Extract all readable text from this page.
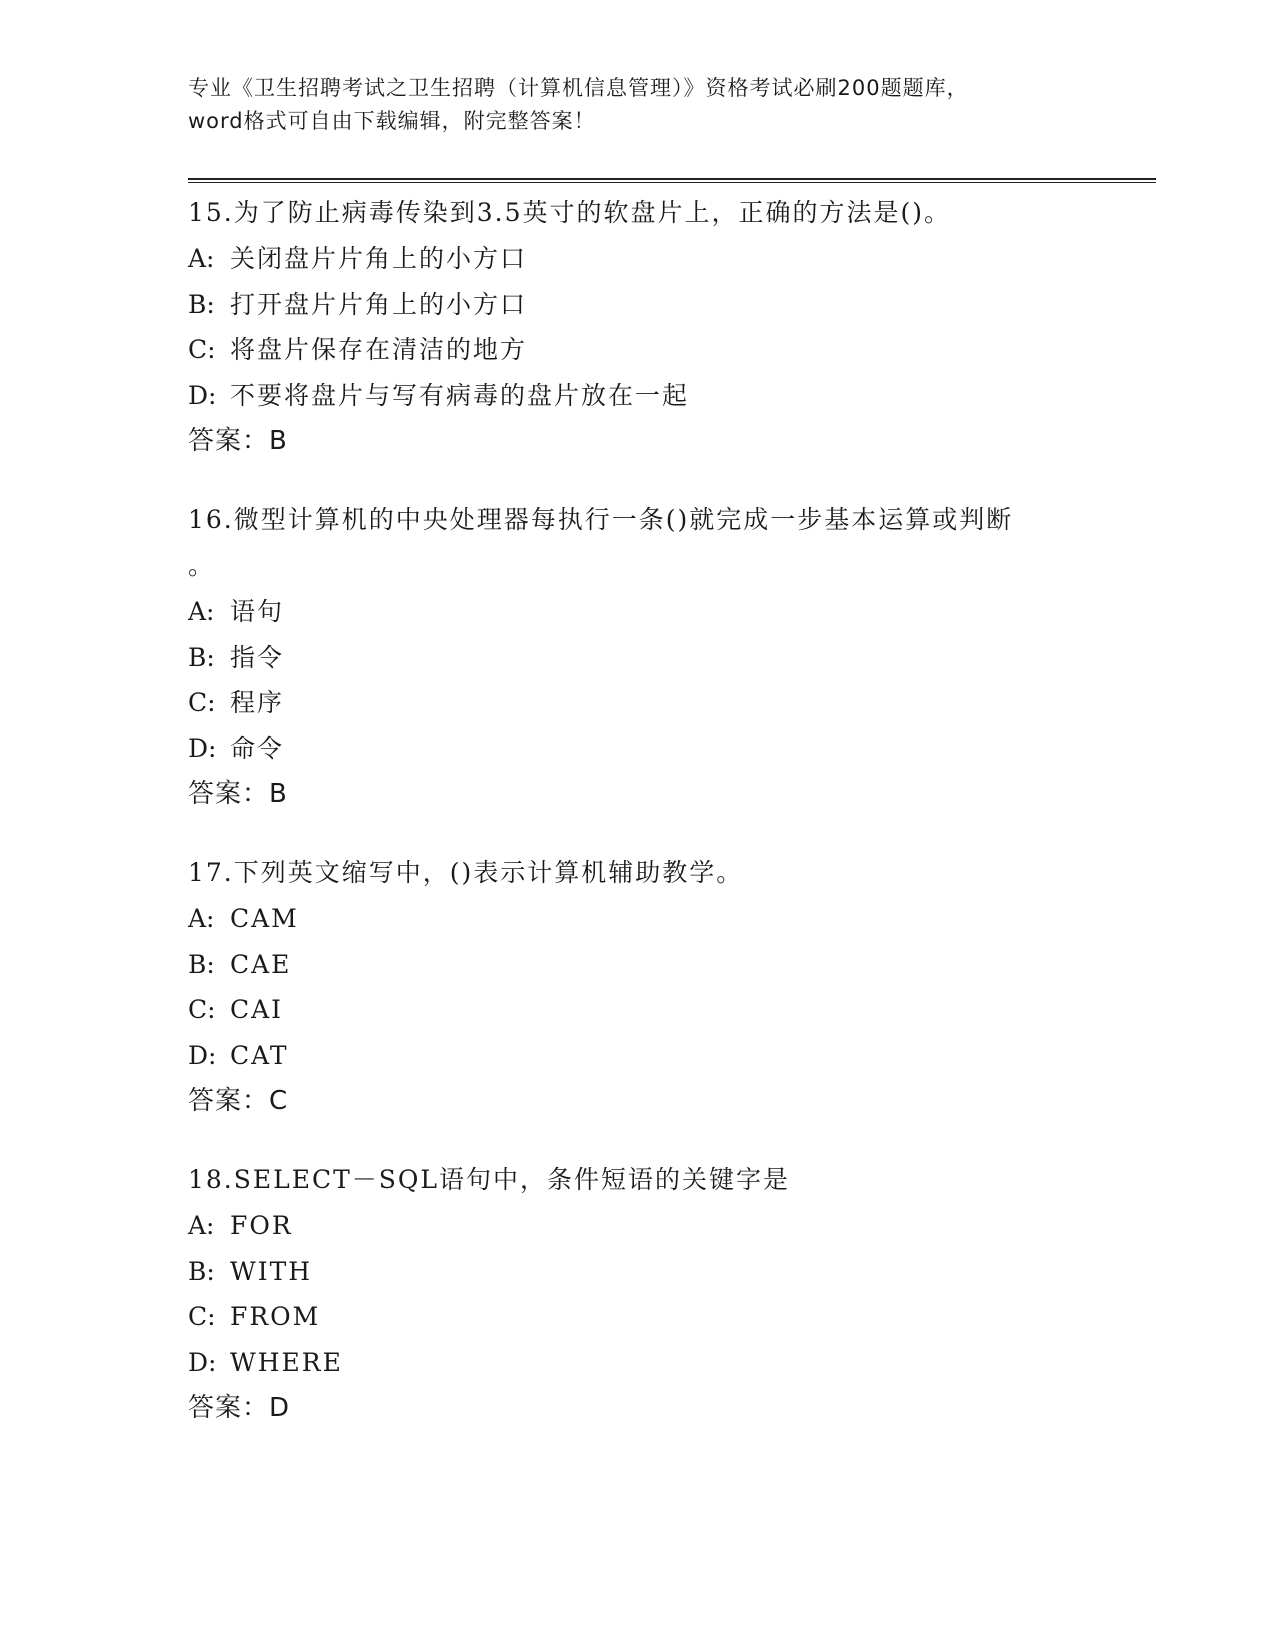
专业《卫生招聘考试之卫生招聘（计算机信息管理）》资格考试必刷200题题库，
word格式可自由下载编辑，附完整答案！
15.为了防止病毒传染到3.5英寸的软盘片上，正确的方法是()。
A: 关闭盘片片角上的小方口
B: 打开盘片片角上的小方口
C: 将盘片保存在清洁的地方
D: 不要将盘片与写有病毒的盘片放在一起
答案：B
16.微型计算机的中央处理器每执行一条()就完成一步基本运算或判断
。
A: 语句
B: 指令
C: 程序
D: 命令
答案：B
17.下列英文缩写中，()表示计算机辅助教学。
A: CAM
B: CAE
C: CAI
D: CAT
答案：C
18.SELECT－SQL语句中，条件短语的关键字是
A: FOR
B: WITH
C: FROM
D: WHERE
答案：D
